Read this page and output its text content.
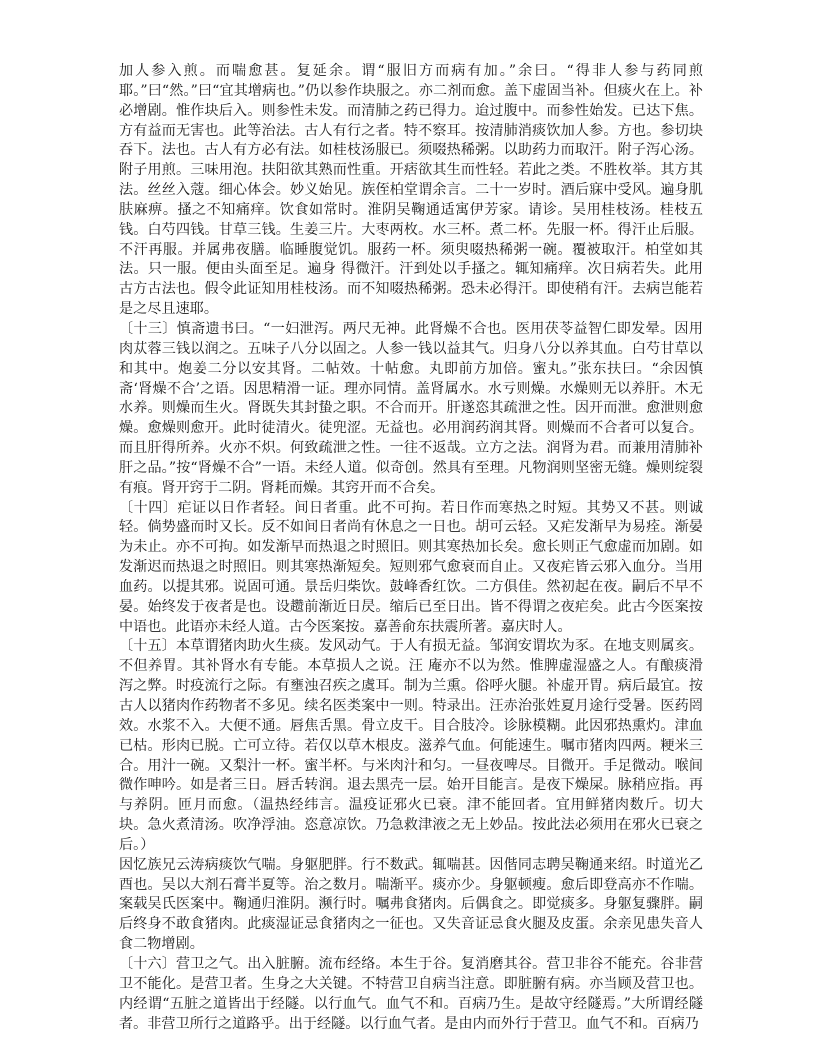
加人参入煎。而喘愈甚。复延余。谓“服旧方而病有加。”余曰。“得非人参与药同煎耶。”曰“然。”曰“宜其增病也。”仍以参作块服之。亦二剂而愈。盖下虚固当补。但痰火在上。补必增剧。惟作块后入。则参性未发。而清肺之药已得力。迨过腹中。而参性始发。已达下焦。方有益而无害也。此等治法。古人有行之者。特不察耳。按清肺消痰饮加人参。方也。参切块吞下。法也。古人有方必有法。如桂枝汤服已。须啜热稀粥。以助药力而取汗。附子泻心汤。附子用煎。三味用泡。扶阳欲其熟而性重。开痞欲其生而性轻。若此之类。不胜枚举。其方其法。丝丝入蔻。细心体会。妙义始见。族侄柏堂谓余言。二十一岁时。酒后寐中受风。遍身肌肤麻痹。搔之不知痛痒。饮食如常时。淮阴吴鞠通适寓伊芳家。请诊。吴用桂枝汤。桂枝五钱。白芍四钱。甘草三钱。生姜三片。大枣两枚。水三杯。煮二杯。先服一杯。得汗止后服。不汗再服。并属弗夜膳。临睡腹觉饥。服药一杯。须臾啜热稀粥一碗。覆被取汗。柏堂如其法。只一服。便由头面至足。遍身 得微汗。汗到处以手搔之。辄知痛痒。次日病若失。此用古方古法也。假令此证知用桂枝汤。而不知啜热稀粥。恐未必得汗。即使稍有汗。去病岂能若是之尽且速耶。

〔十三〕慎斋遗书曰。“一妇泄泻。两尺无神。此肾燥不合也。医用茯苓益智仁即发晕。因用肉苁蓉三钱以润之。五味子八分以固之。人参一钱以益其气。归身八分以养其血。白芍甘草以和其中。炮姜二分以安其肾。二帖效。十帖愈。丸即前方加倍。蜜丸。”张东扶曰。“余因慎斋‘肾燥不合’之语。因思精滑一证。理亦同情。盖肾属水。水亏则燥。水燥则无以养肝。木无水养。则燥而生火。肾既失其封蛰之职。不合而开。肝遂恣其疏泄之性。因开而泄。愈泄则愈燥。愈燥则愈开。此时徒清火。徒兜涩。无益也。必用润药润其肾。则燥而不合者可以复合。而且肝得所养。火亦不炽。何致疏泄之性。一往不返哉。立方之法。润肾为君。而兼用清肺补肝之品。”按“肾燥不合”一语。未经人道。似奇创。然具有至理。凡物润则坚密无缝。燥则绽裂有痕。肾开窍于二阴。肾耗而燥。其窍开而不合矣。

〔十四〕疟证以日作者轻。间日者重。此不可拘。若日作而寒热之时短。其势又不甚。则诚轻。倘势盛而时又长。反不如间日者尚有休息之一日也。胡可云轻。又疟发渐早为易痊。渐晏为未止。亦不可拘。如发渐早而热退之时照旧。则其寒热加长矣。愈长则正气愈虚而加剧。如发渐迟而热退之时照旧。则其寒热渐短矣。短则邪气愈衰而自止。又夜疟皆云邪入血分。当用血药。以提其邪。说固可通。景岳归柴饮。鼓峰香红饮。二方俱佳。然初起在夜。嗣后不早不晏。始终发于夜者是也。设趱前渐近日昃。缩后已至日出。皆不得谓之夜疟矣。此古今医案按中语也。此语亦未经人道。古今医案按。嘉善俞东扶震所著。嘉庆时人。

〔十五〕本草谓猪肉助火生痰。发风动气。于人有损无益。邹润安谓坎为豕。在地支则属亥。不但养胃。其补肾水有专能。本草损人之说。汪 庵亦不以为然。惟脾虚湿盛之人。有酿痰滑泻之弊。时疫流行之际。有壅浊召疾之虞耳。制为兰熏。俗呼火腿。补虚开胃。病后最宜。按古人以猪肉作药物者不多见。续名医类案中一则。特录出。汪赤治张姓夏月途行受暑。医药罔效。水浆不入。大便不通。唇焦舌黑。骨立皮干。目合肢冷。诊脉模糊。此因邪热熏灼。津血已枯。形肉已脱。亡可立待。若仅以草木根皮。滋养气血。何能速生。嘱市猪肉四两。粳米三合。用汁一碗。又梨汁一杯。蜜半杯。与米肉汁和匀。一昼夜啤尽。目微开。手足微动。喉间微作呻吟。如是者三日。唇舌转润。退去黑壳一层。始开目能言。是夜下燥屎。脉稍应指。再与养阴。匝月而愈。（温热经纬言。温疫证邪火已衰。津不能回者。宜用鲜猪肉数斤。切大块。急火煮清汤。吹净浮油。恣意凉饮。乃急救津液之无上妙品。按此法必须用在邪火已衰之后。）

因忆族兄云涛病痰饮气喘。身躯肥胖。行不数武。辄喘甚。因偕同志聘吴鞠通来绍。时道光乙酉也。吴以大剂石膏半夏等。治之数月。喘渐平。痰亦少。身躯顿瘦。愈后即登高亦不作喘。案载吴氏医案中。鞠通归淮阴。濒行时。嘱弗食猪肉。后偶食之。即觉痰多。身躯复骤胖。嗣后终身不敢食猪肉。此痰湿证忌食猪肉之一征也。又失音证忌食火腿及皮蛋。余亲见患失音人食二物增剧。

〔十六〕营卫之气。出入脏腑。流布经络。本生于谷。复消磨其谷。营卫非谷不能充。谷非营卫不能化。是营卫者。生身之大关键。不特营卫自病当注意。即脏腑有病。亦当顾及营卫也。内经谓“五脏之道皆出于经隧。以行血气。血气不和。百病乃生。是故守经隧焉。”大所谓经隧者。非营卫所行之道路乎。出于经隧。以行血气者。是由内而外行于营卫。血气不和。百病乃
